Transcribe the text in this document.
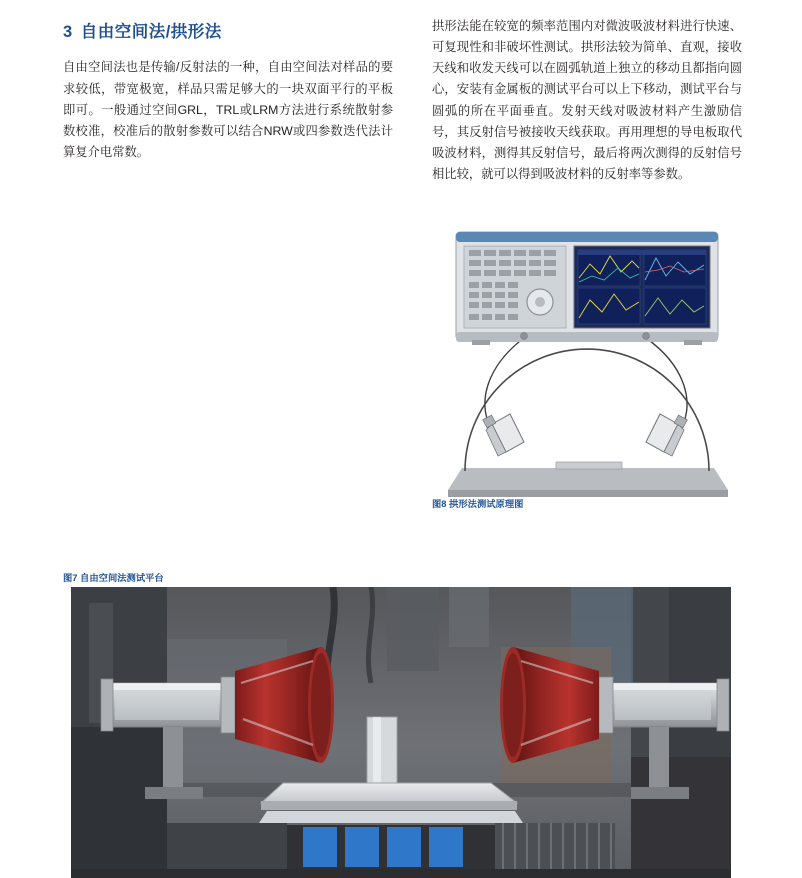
3 自由空间法/拱形法

自由空间法也是传输/反射法的一种，自由空间法对样品的要求较低，带宽极宽，样品只需足够大的一块双面平行的平板即可。一般通过空间GRL，TRL或LRM方法进行系统散射参数校准，校准后的散射参数可以结合NRW或四参数迭代法计算复介电常数。

拱形法能在较宽的频率范围内对微波吸波材料进行快速、可复现性和非破坏性测试。拱形法较为简单、直观，接收天线和收发天线可以在圆弧轨道上独立的移动且都指向圆心，安装有金属板的测试平台可以上下移动，测试平台与圆弧的所在平面垂直。发射天线对吸波材料产生激励信号，其反射信号被接收天线获取。再用理想的导电板取代吸波材料，测得其反射信号，最后将两次测得的反射信号相比较，就可以得到吸波材料的反射率等参数。

图8 拱形法测试原理图
图7 自由空间法测试平台
